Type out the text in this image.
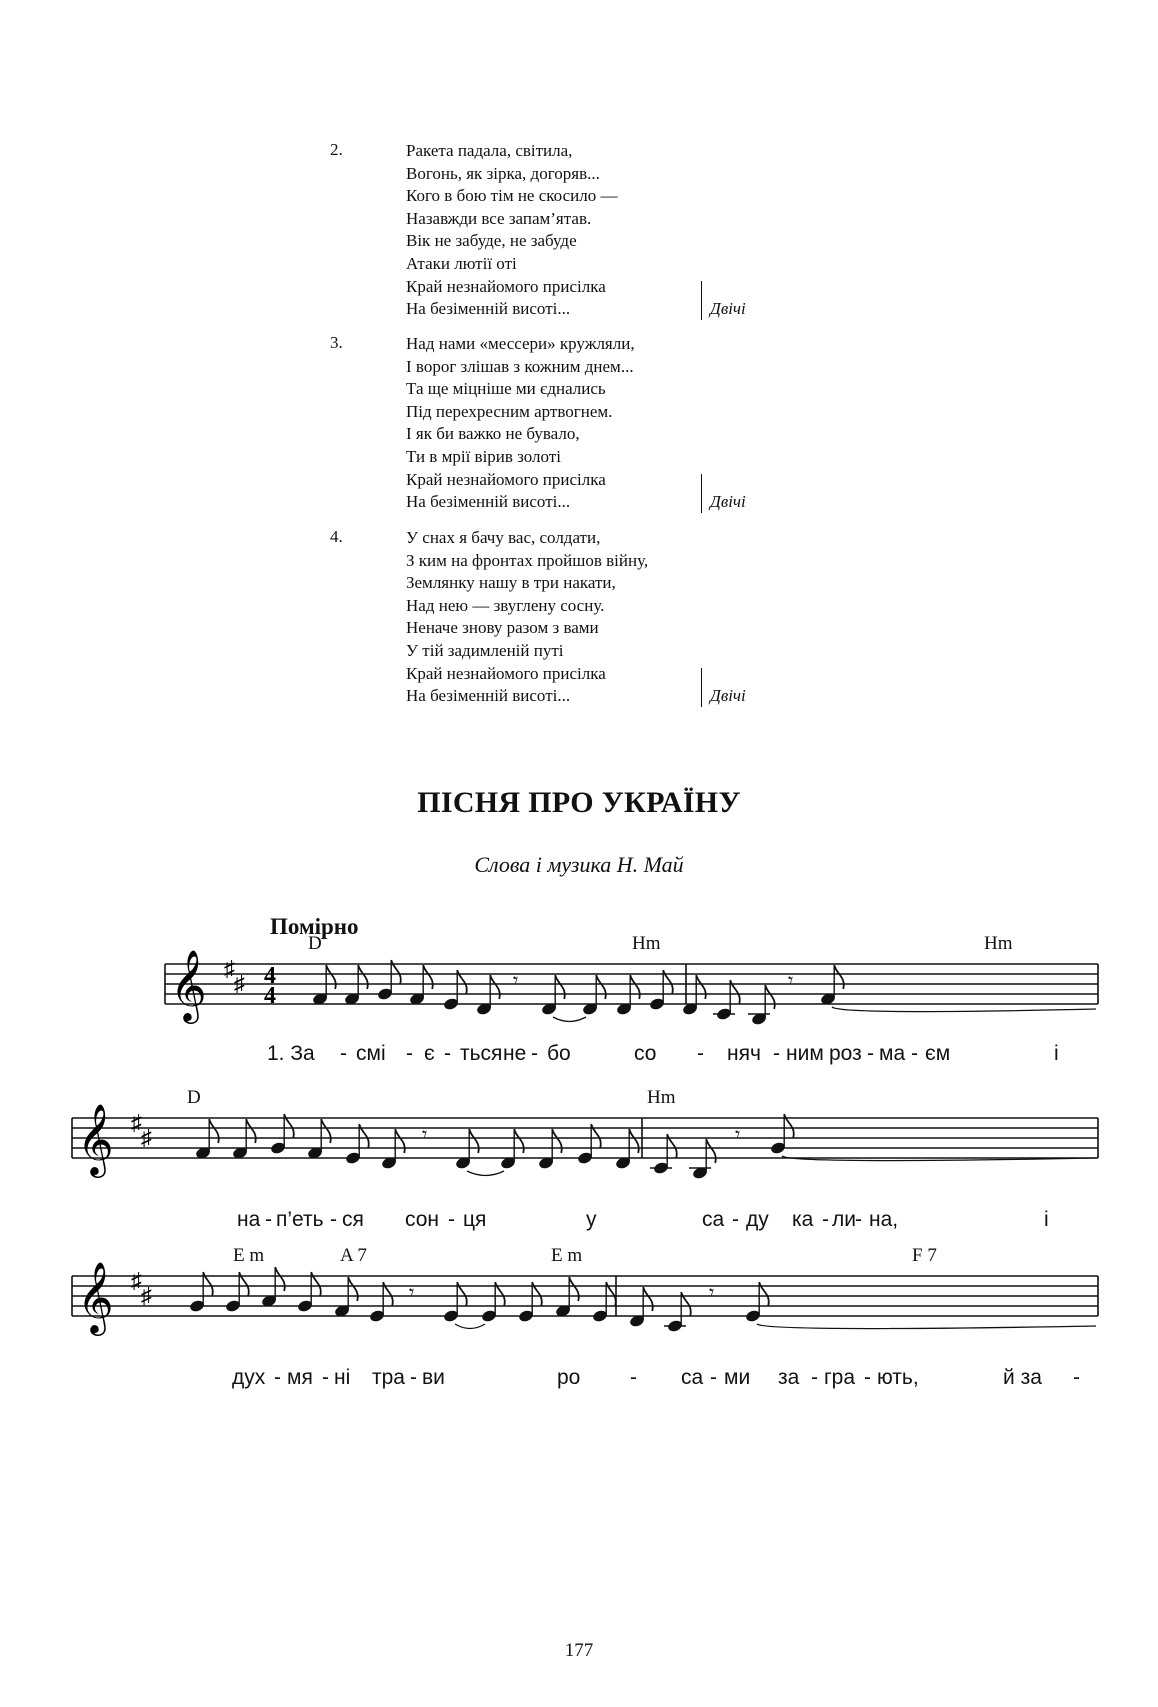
2.	Ракета падала, світила,
Вогонь, як зірка, догоряв...
Кого в бою тім не скосило —
Назавжди все запам’ятав.
Вік не забуде, не забуде
Атаки лютії оті
Край незнайомого присілка
На безіменній висоті...	Двічі
3.	Над нами «мессери» кружляли,
І ворог злішав з кожним днем...
Та ще міцніше ми єднались
Під перехресним артвогнем.
І як би важко не бувало,
Ти в мрії вірив золоті
Край незнайомого присілка
На безіменній висоті...	Двічі
4.	У снах я бачу вас, солдати,
З ким на фронтах пройшов війну,
Землянку нашу в три накати,
Над нею — звуглену сосну.
Неначе знову разом з вами
У тій задимленій путі
Край незнайомого присілка
На безіменній висоті...	Двічі
ПІСНЯ ПРО УКРАЇНУ
Слова і музика Н. Май
Помірно
D	Hm	Hm
𝄞 ♯
♯ 4
4
𝄾	𝄾
1. За - смі - є - ться не - бо	со - няч - ним роз - ма - єм	і
D	Hm
𝄞 ♯
♯	𝄾	𝄾
на - п’еть - ся сон - ця	у	са - ду ка - ли - на,	і
E m	A 7	E m	F 7
𝄞 ♯
♯	𝄾	𝄾
дух - мя - ні тра - ви	ро - са - ми за - гра - ють,	й за -
177
